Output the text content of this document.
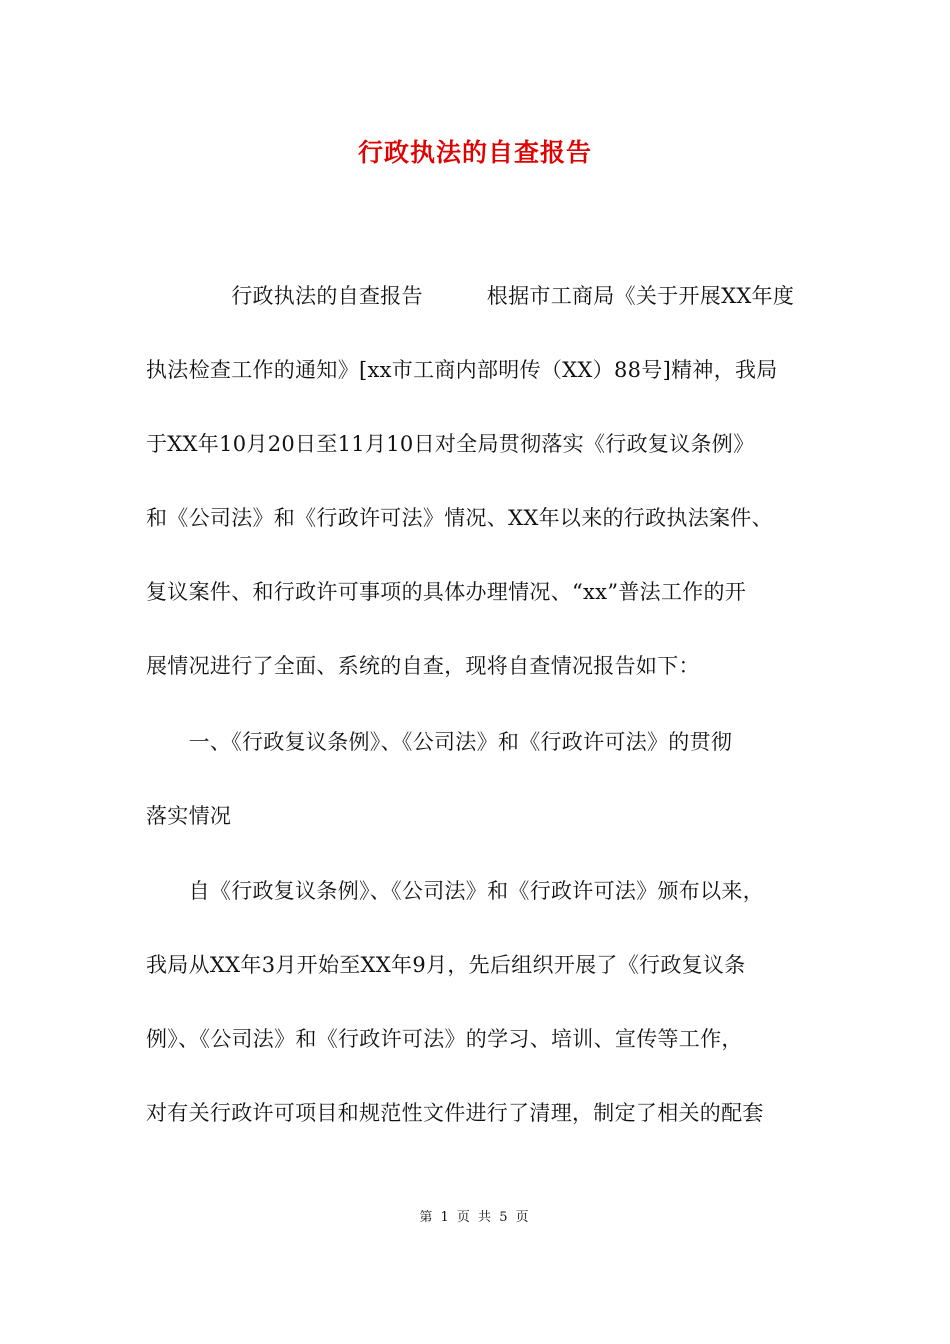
行政执法的自查报告
　　　　行政执法的自查报告　　　根据市工商局《关于开展XX年度
执法检查工作的通知》[xx市工商内部明传（XX）88号]精神，我局
于XX年10月20日至11月10日对全局贯彻落实《行政复议条例》
和《公司法》和《行政许可法》情况、XX年以来的行政执法案件、
复议案件、和行政许可事项的具体办理情况、“xx”普法工作的开
展情况进行了全面、系统的自查，现将自查情况报告如下：
　　一、《行政复议条例》、《公司法》和《行政许可法》的贯彻
落实情况
　　自《行政复议条例》、《公司法》和《行政许可法》颁布以来，
我局从XX年3月开始至XX年9月，先后组织开展了《行政复议条
例》、《公司法》和《行政许可法》的学习、培训、宣传等工作，
对有关行政许可项目和规范性文件进行了清理，制定了相关的配套
第 1 页 共 5 页
